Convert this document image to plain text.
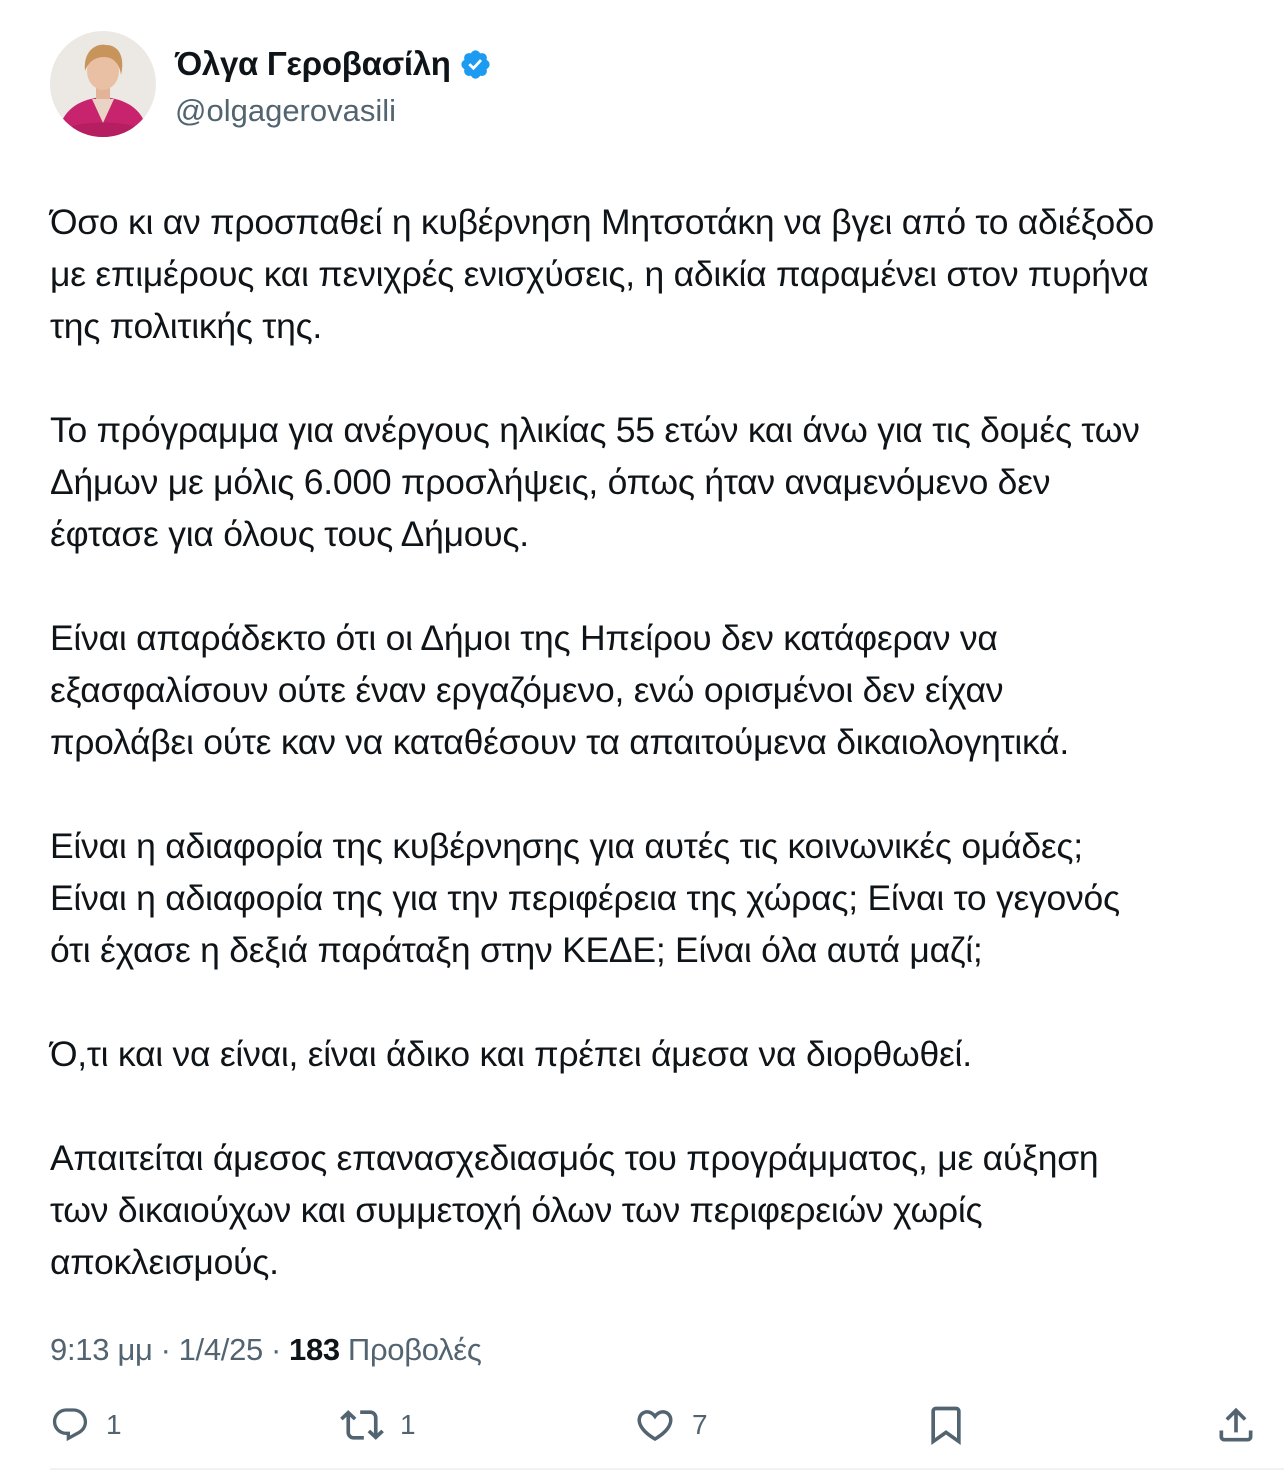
Όλγα Γεροβασίλη
@olgagerovasili

Όσο κι αν προσπαθεί η κυβέρνηση Μητσοτάκη να βγει από το αδιέξοδο
με επιμέρους και πενιχρές ενισχύσεις, η αδικία παραμένει στον πυρήνα
της πολιτικής της.

Το πρόγραμμα για ανέργους ηλικίας 55 ετών και άνω για τις δομές των
Δήμων με μόλις 6.000 προσλήψεις, όπως ήταν αναμενόμενο δεν
έφτασε για όλους τους Δήμους.

Είναι απαράδεκτο ότι οι Δήμοι της Ηπείρου δεν κατάφεραν να
εξασφαλίσουν ούτε έναν εργαζόμενο, ενώ ορισμένοι δεν είχαν
προλάβει ούτε καν να καταθέσουν τα απαιτούμενα δικαιολογητικά.

Είναι η αδιαφορία της κυβέρνησης για αυτές τις κοινωνικές ομάδες;
Είναι η αδιαφορία της για την περιφέρεια της χώρας; Είναι το γεγονός
ότι έχασε η δεξιά παράταξη στην ΚΕΔΕ; Είναι όλα αυτά μαζί;

Ό,τι και να είναι, είναι άδικο και πρέπει άμεσα να διορθωθεί.

Απαιτείται άμεσος επανασχεδιασμός του προγράμματος, με αύξηση
των δικαιούχων και συμμετοχή όλων των περιφερειών χωρίς
αποκλεισμούς.

9:13 μμ · 1/4/25 · 183 Προβολές
1	1	7
